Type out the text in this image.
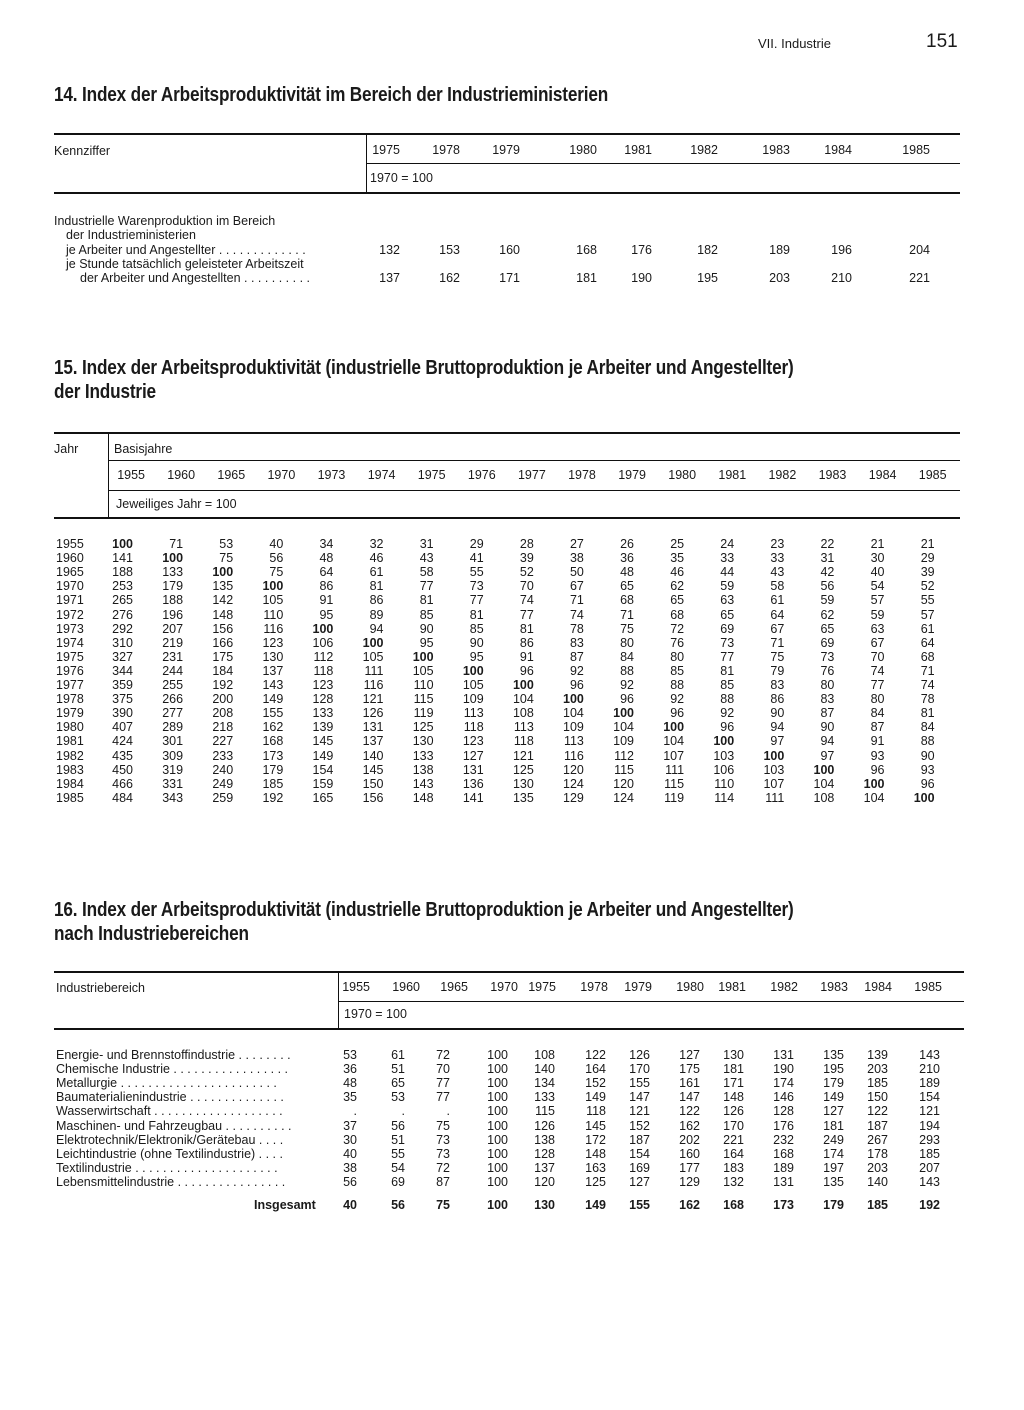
VII. Industrie	151
14. Index der Arbeitsproduktivität im Bereich der Industrieministerien
Kennziffer	1975	1978	1979	1980	1981	1982	1983	1984	1985
1970 = 100
Industrielle Warenproduktion im Bereich
der Industrieministerien
je Arbeiter und Angestellter . . . . . . . . . . . . .	132	153	160	168	176	182	189	196	204
je Stunde tatsächlich geleisteter Arbeitszeit
der Arbeiter und Angestellten . . . . . . . . . .	137	162	171	181	190	195	203	210	221
15. Index der Arbeitsproduktivität (industrielle Bruttoproduktion je Arbeiter und Angestellter)
der Industrie
Jahr	Basisjahre
1955	1960	1965	1970	1973	1974	1975	1976	1977	1978	1979	1980	1981	1982	1983	1984	1985
Jeweiliges Jahr = 100
1955	100	71	53	40	34	32	31	29	28	27	26	25	24	23	22	21	21
1960	141	100	75	56	48	46	43	41	39	38	36	35	33	33	31	30	29
1965	188	133	100	75	64	61	58	55	52	50	48	46	44	43	42	40	39
1970	253	179	135	100	86	81	77	73	70	67	65	62	59	58	56	54	52
1971	265	188	142	105	91	86	81	77	74	71	68	65	63	61	59	57	55
1972	276	196	148	110	95	89	85	81	77	74	71	68	65	64	62	59	57
1973	292	207	156	116	100	94	90	85	81	78	75	72	69	67	65	63	61
1974	310	219	166	123	106	100	95	90	86	83	80	76	73	71	69	67	64
1975	327	231	175	130	112	105	100	95	91	87	84	80	77	75	73	70	68
1976	344	244	184	137	118	111	105	100	96	92	88	85	81	79	76	74	71
1977	359	255	192	143	123	116	110	105	100	96	92	88	85	83	80	77	74
1978	375	266	200	149	128	121	115	109	104	100	96	92	88	86	83	80	78
1979	390	277	208	155	133	126	119	113	108	104	100	96	92	90	87	84	81
1980	407	289	218	162	139	131	125	118	113	109	104	100	96	94	90	87	84
1981	424	301	227	168	145	137	130	123	118	113	109	104	100	97	94	91	88
1982	435	309	233	173	149	140	133	127	121	116	112	107	103	100	97	93	90
1983	450	319	240	179	154	145	138	131	125	120	115	111	106	103	100	96	93
1984	466	331	249	185	159	150	143	136	130	124	120	115	110	107	104	100	96
1985	484	343	259	192	165	156	148	141	135	129	124	119	114	111	108	104	100
16. Index der Arbeitsproduktivität (industrielle Bruttoproduktion je Arbeiter und Angestellter)
nach Industriebereichen
Industriebereich	1955	1960	1965	1970 1975	1978	1979	1980	1981	1982	1983	1984	1985
1970 = 100
Energie- und Brennstoffindustrie . . . . . . . .	53	61	72	100	108	122	126	127	130	131	135	139	143
Chemische Industrie . . . . . . . . . . . . . . . . .	36	51	70	100	140	164	170	175	181	190	195	203	210
Metallurgie . . . . . . . . . . . . . . . . . . . . . . .	48	65	77	100	134	152	155	161	171	174	179	185	189
Baumaterialienindustrie . . . . . . . . . . . . . .	35	53	77	100	133	149	147	147	148	146	149	150	154
Wasserwirtschaft . . . . . . . . . . . . . . . . . . .	.	.	.	100	115	118	121	122	126	128	127	122	121
Maschinen- und Fahrzeugbau . . . . . . . . . .	37	56	75	100	126	145	152	162	170	176	181	187	194
Elektrotechnik/Elektronik/Gerätebau . . . .	30	51	73	100	138	172	187	202	221	232	249	267	293
Leichtindustrie (ohne Textilindustrie) . . . .	40	55	73	100	128	148	154	160	164	168	174	178	185
Textilindustrie . . . . . . . . . . . . . . . . . . . . .	38	54	72	100	137	163	169	177	183	189	197	203	207
Lebensmittelindustrie . . . . . . . . . . . . . . . .	56	69	87	100	120	125	127	129	132	131	135	140	143
Insgesamt	40	56	75	100	130	149	155	162	168	173	179	185	192
